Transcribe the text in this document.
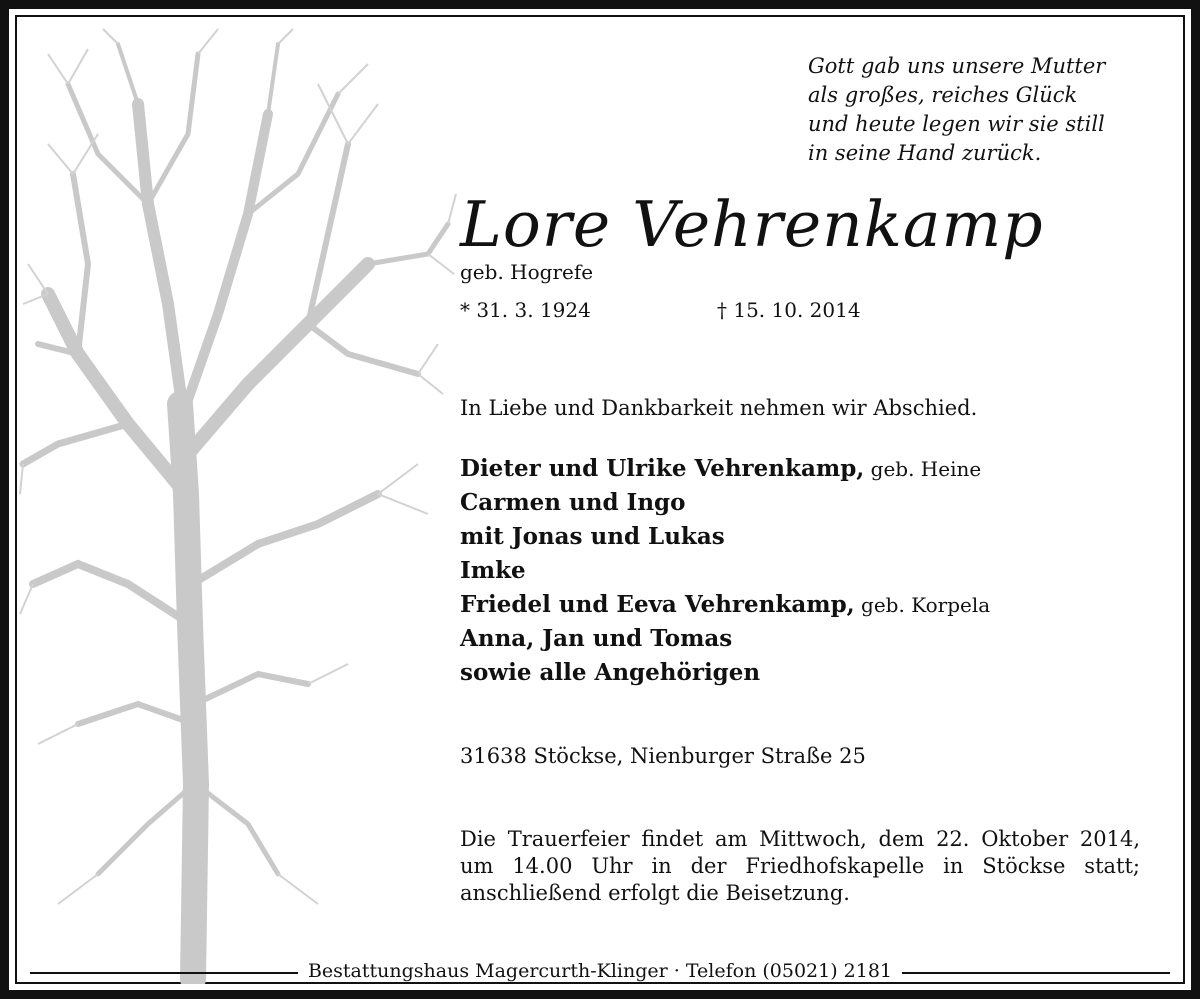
Gott gab uns unsere Mutter
als großes, reiches Glück
und heute legen wir sie still
in seine Hand zurück.
Lore Vehrenkamp
geb. Hogrefe
* 31. 3. 1924	† 15. 10. 2014
In Liebe und Dankbarkeit nehmen wir Abschied.
Dieter und Ulrike Vehrenkamp, geb. Heine
Carmen und Ingo
mit Jonas und Lukas
Imke
Friedel und Eeva Vehrenkamp, geb. Korpela
Anna, Jan und Tomas
sowie alle Angehörigen
31638 Stöckse, Nienburger Straße 25
Die Trauerfeier findet am Mittwoch, dem 22. Oktober 2014,
um 14.00 Uhr in der Friedhofskapelle in Stöckse statt;
anschließend erfolgt die Beisetzung.
Bestattungshaus Magercurth-Klinger · Telefon (05021) 2181
